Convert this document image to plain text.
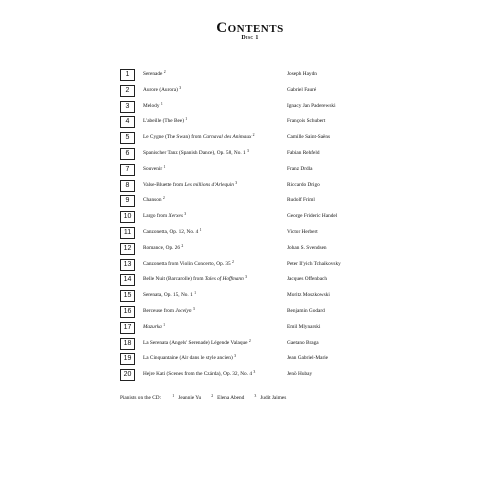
Contents
Disc 1
1	Serenade $^2$	Joseph Haydn
2	Aurore (Aurora) $^3$	Gabriel Fauré
3	Melody $^1$	Ignacy Jan Paderewski
4	L'abeille (The Bee) $^1$	François Schubert
5	Le Cygne (The Swan) from Carnaval des Animaux $^2$	Camille Saint-Saëns
6	Spanischer Tanz (Spanish Dance), Op. 58, No. 1 $^3$	Fabian Rehfeld
7	Souvenir $^1$	Franz Drdla
8	Valse-Bluette from Les millions d'Arlequin $^3$	Riccardo Drigo
9	Chanson $^2$	Rudolf Friml
10	Largo from Xerxes $^3$	George Frideric Handel
11	Canzonetta, Op. 12, No. 4 $^1$	Victor Herbert
12	Romance, Op. 26 $^2$	Johan S. Svendsen
13	Canzonetta from Violin Concerto, Op. 35 $^2$	Peter Il'yich Tchaikovsky
14	Belle Nuit (Barcarolle) from Tales of Hoffmann $^3$	Jacques Offenbach
15	Serenata, Op. 15, No. 1 $^1$	Moritz Moszkowski
16	Berceuse from Jocelyn $^3$	Benjamin Godard
17	Mazurka $^1$	Emil Mlynarski
18	La Serenata (Angels' Serenade) Légende Valaque $^2$	Gaetano Braga
19	La Cinquantaine (Air dans le style ancien) $^3$	Jean Gabriel-Marie
20	Hejre Kati (Scenes from the Czárda), Op. 32, No. 4 $^3$	Jenö Hubay
Pianists on the CD:	$^1$ Jeannie Yu	$^2$ Elena Abend	$^3$ Judit Jaimes
